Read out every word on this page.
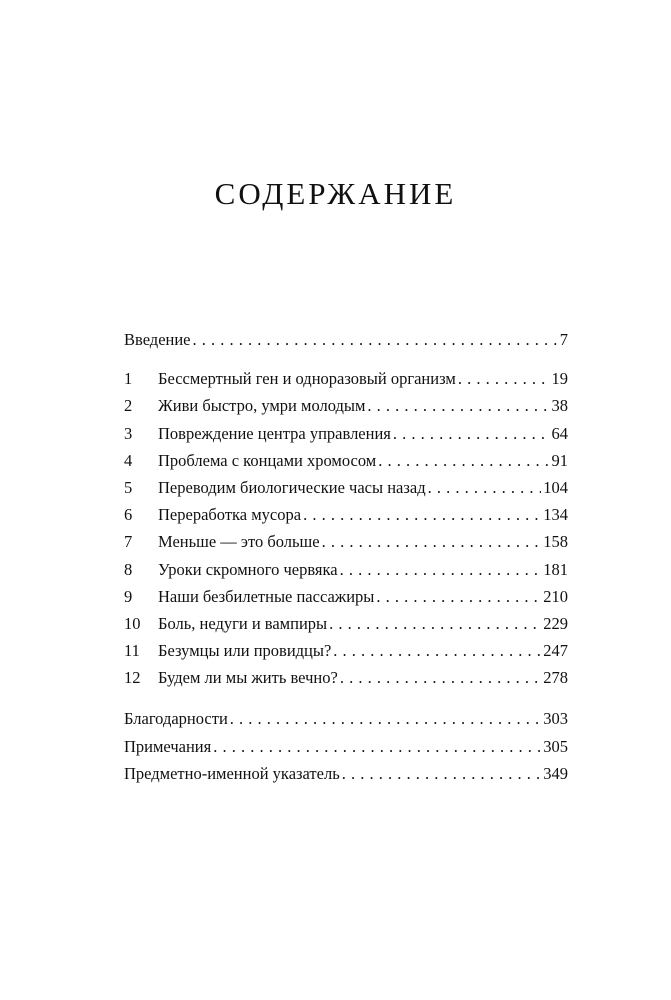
СОДЕРЖАНИЕ
Введение . . .	7
1	Бессмертный ген и одноразовый организм . . .	19
2	Живи быстро, умри молодым . . .	38
3	Повреждение центра управления . . .	64
4	Проблема с концами хромосом . . .	91
5	Переводим биологические часы назад . . .	104
6	Переработка мусора . . .	134
7	Меньше — это больше . . .	158
8	Уроки скромного червяка . . .	181
9	Наши безбилетные пассажиры . . .	210
10	Боль, недуги и вампиры . . .	229
11	Безумцы или провидцы? . . .	247
12	Будем ли мы жить вечно? . . .	278
Благодарности . . .	303
Примечания . . .	305
Предметно-именной указатель . . .	349
